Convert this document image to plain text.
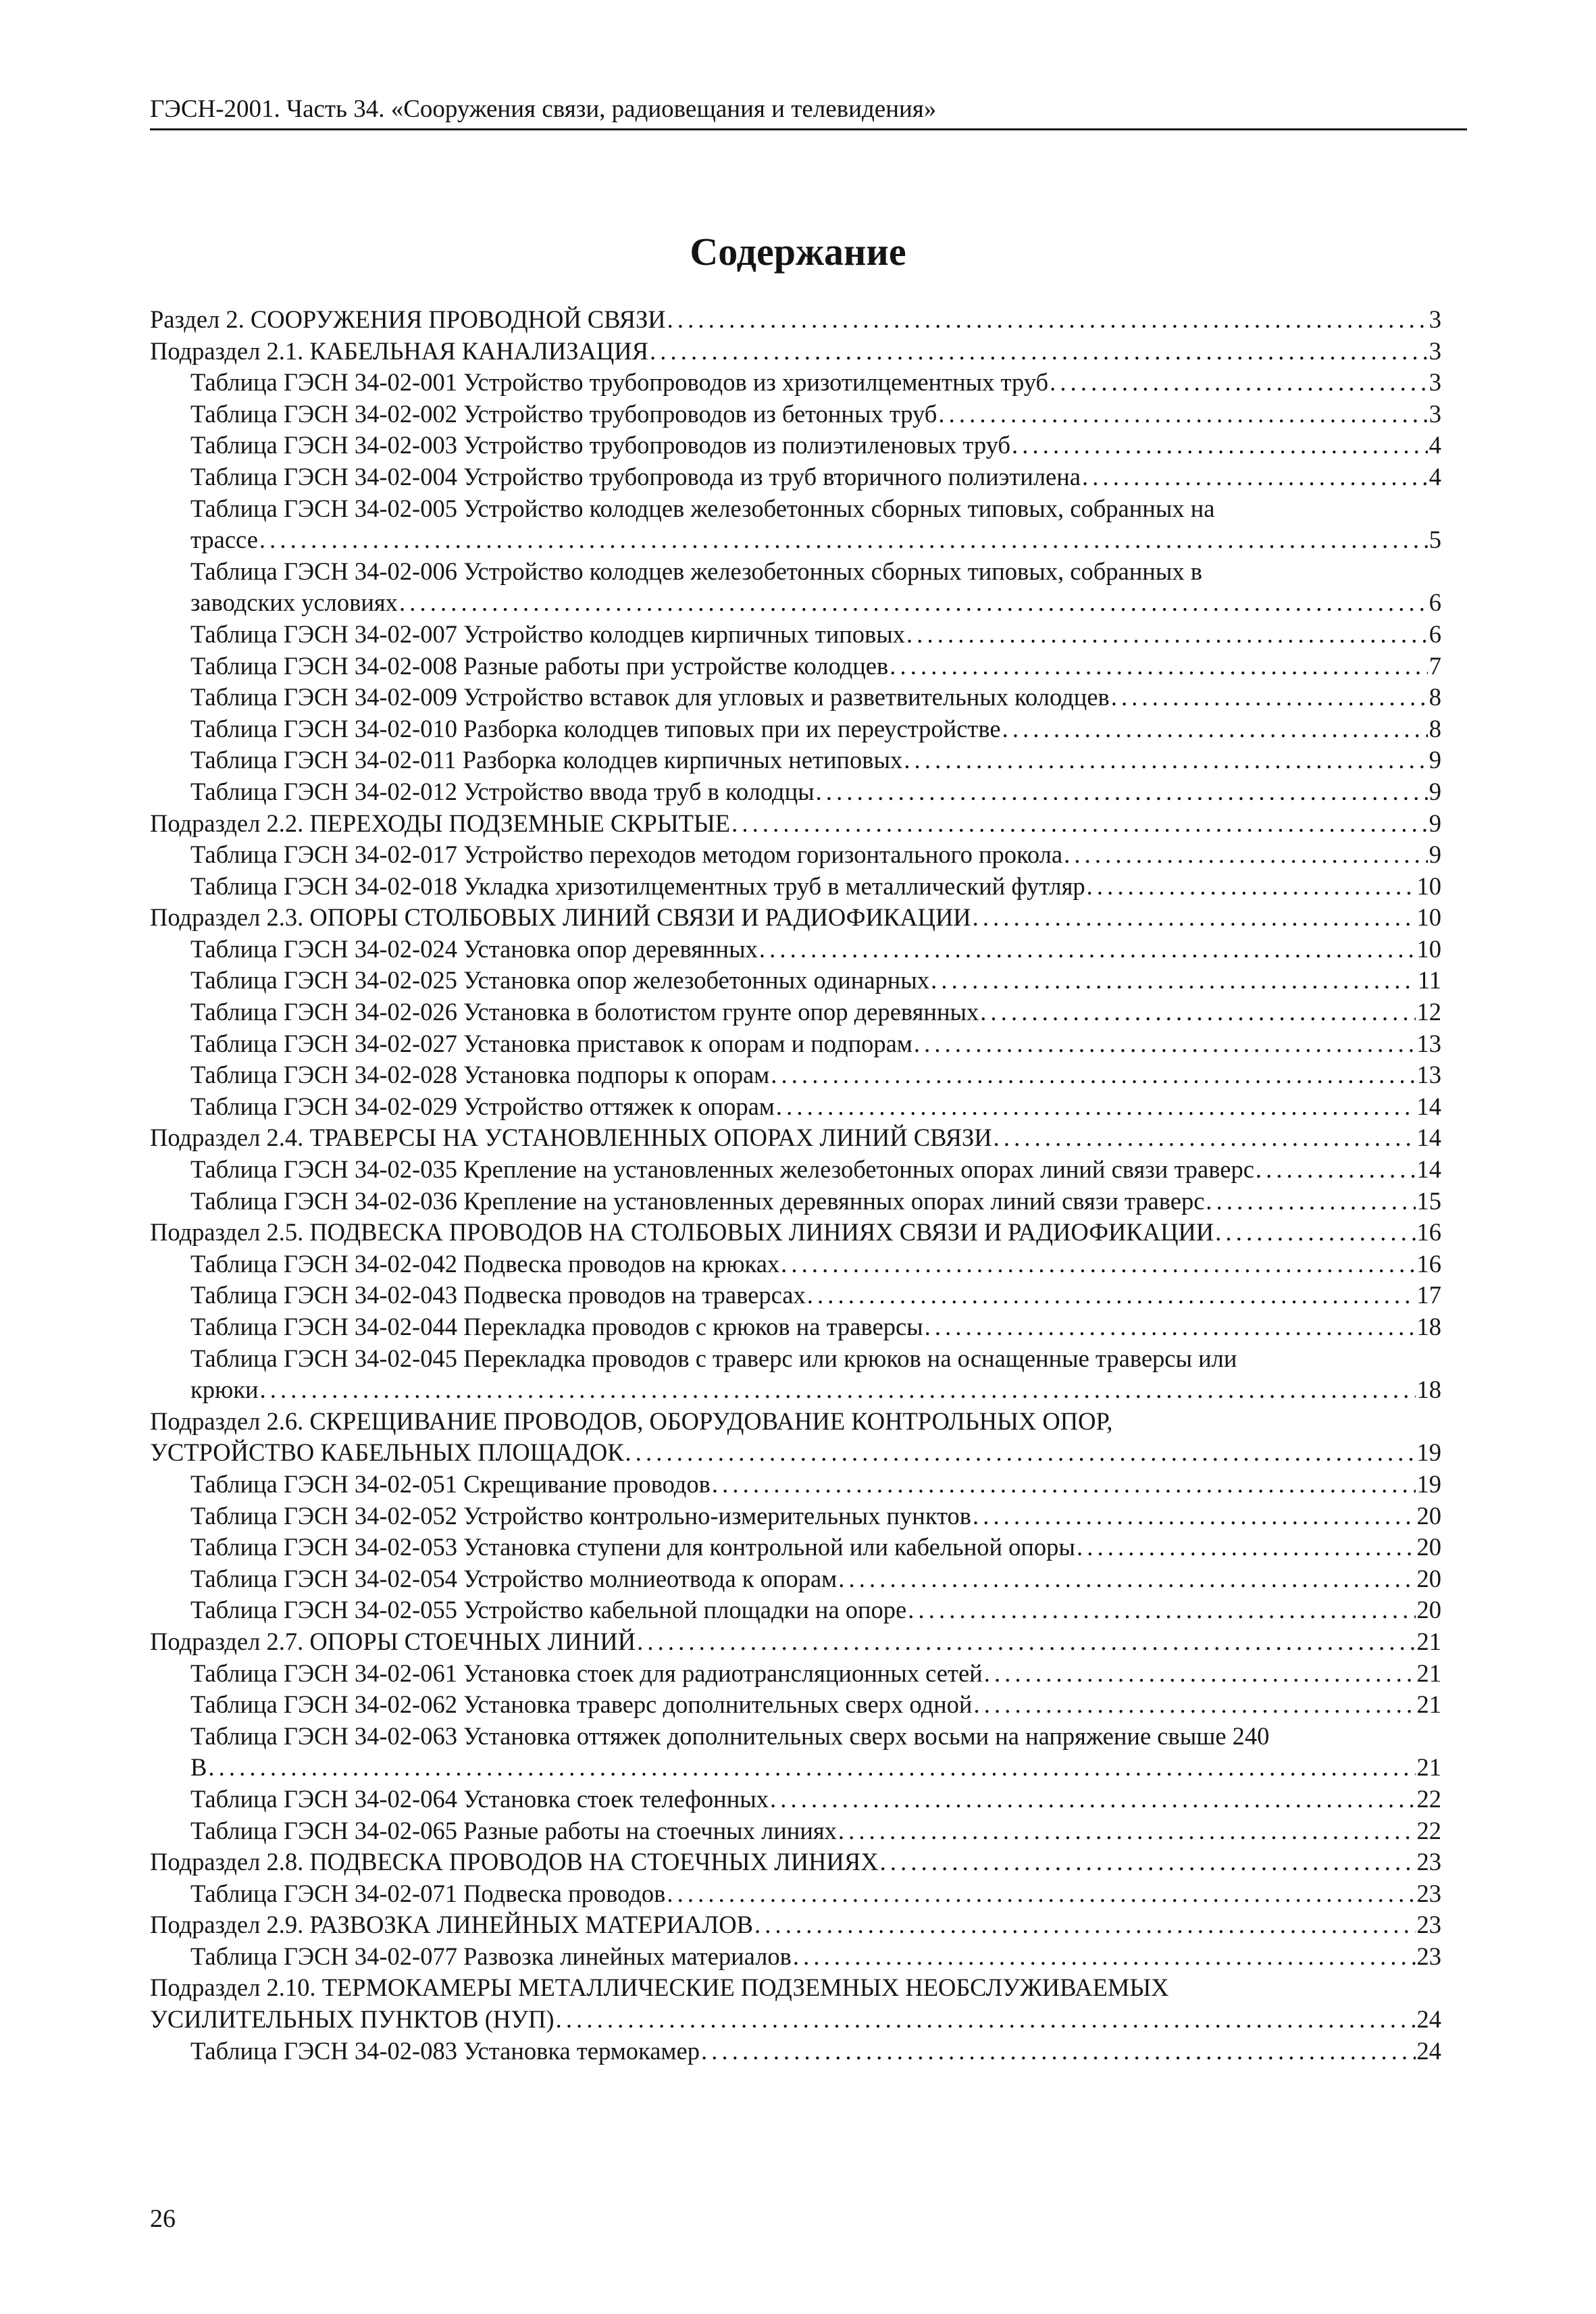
ГЭСН-2001. Часть 34. «Сооружения связи, радиовещания и телевидения»
Содержание
Раздел 2. СООРУЖЕНИЯ ПРОВОДНОЙ СВЯЗИ . . .	3
Подраздел 2.1. КАБЕЛЬНАЯ КАНАЛИЗАЦИЯ . . .	3
Таблица ГЭСН 34-02-001 Устройство трубопроводов из хризотилцементных труб . . .	3
Таблица ГЭСН 34-02-002 Устройство трубопроводов из бетонных труб . . .	3
Таблица ГЭСН 34-02-003 Устройство трубопроводов из полиэтиленовых труб . . .	4
Таблица ГЭСН 34-02-004 Устройство трубопровода из труб вторичного полиэтилена . . .	4
Таблица ГЭСН 34-02-005 Устройство колодцев железобетонных сборных типовых, собранных на
трассе . . .	5
Таблица ГЭСН 34-02-006 Устройство колодцев железобетонных сборных типовых, собранных в
заводских условиях . . .	6
Таблица ГЭСН 34-02-007 Устройство колодцев кирпичных типовых . . .	6
Таблица ГЭСН 34-02-008 Разные работы при устройстве колодцев . . .	7
Таблица ГЭСН 34-02-009 Устройство вставок для угловых и разветвительных колодцев . . .	8
Таблица ГЭСН 34-02-010 Разборка колодцев типовых при их переустройстве . . .	8
Таблица ГЭСН 34-02-011 Разборка колодцев кирпичных нетиповых . . .	9
Таблица ГЭСН 34-02-012 Устройство ввода труб в колодцы . . .	9
Подраздел 2.2. ПЕРЕХОДЫ ПОДЗЕМНЫЕ СКРЫТЫЕ . . .	9
Таблица ГЭСН 34-02-017 Устройство переходов методом горизонтального прокола . . .	9
Таблица ГЭСН 34-02-018 Укладка хризотилцементных труб в металлический футляр . . .	10
Подраздел 2.3. ОПОРЫ СТОЛБОВЫХ ЛИНИЙ СВЯЗИ И РАДИОФИКАЦИИ . . .	10
Таблица ГЭСН 34-02-024 Установка опор деревянных . . .	10
Таблица ГЭСН 34-02-025 Установка опор железобетонных одинарных . . .	11
Таблица ГЭСН 34-02-026 Установка в болотистом грунте опор деревянных . . .	12
Таблица ГЭСН 34-02-027 Установка приставок к опорам и подпорам . . .	13
Таблица ГЭСН 34-02-028 Установка подпоры к опорам . . .	13
Таблица ГЭСН 34-02-029 Устройство оттяжек к опорам . . .	14
Подраздел 2.4. ТРАВЕРСЫ НА УСТАНОВЛЕННЫХ ОПОРАХ ЛИНИЙ СВЯЗИ . . .	14
Таблица ГЭСН 34-02-035 Крепление на установленных железобетонных опорах линий связи траверс . . .	14
Таблица ГЭСН 34-02-036 Крепление на установленных деревянных опорах линий связи траверс . . .	15
Подраздел 2.5. ПОДВЕСКА ПРОВОДОВ НА СТОЛБОВЫХ ЛИНИЯХ СВЯЗИ И РАДИОФИКАЦИИ . . .	16
Таблица ГЭСН 34-02-042 Подвеска проводов на крюках . . .	16
Таблица ГЭСН 34-02-043 Подвеска проводов на траверсах . . .	17
Таблица ГЭСН 34-02-044 Перекладка проводов с крюков на траверсы . . .	18
Таблица ГЭСН 34-02-045 Перекладка проводов с траверс или крюков на оснащенные траверсы или
крюки . . .	18
Подраздел 2.6. СКРЕЩИВАНИЕ ПРОВОДОВ, ОБОРУДОВАНИЕ КОНТРОЛЬНЫХ ОПОР,
УСТРОЙСТВО КАБЕЛЬНЫХ ПЛОЩАДОК . . .	19
Таблица ГЭСН 34-02-051 Скрещивание проводов . . .	19
Таблица ГЭСН 34-02-052 Устройство контрольно-измерительных пунктов . . .	20
Таблица ГЭСН 34-02-053 Установка ступени для контрольной или кабельной опоры . . .	20
Таблица ГЭСН 34-02-054 Устройство молниеотвода к опорам . . .	20
Таблица ГЭСН 34-02-055 Устройство кабельной площадки на опоре . . .	20
Подраздел 2.7. ОПОРЫ СТОЕЧНЫХ ЛИНИЙ . . .	21
Таблица ГЭСН 34-02-061 Установка стоек для радиотрансляционных сетей . . .	21
Таблица ГЭСН 34-02-062 Установка траверс дополнительных сверх одной . . .	21
Таблица ГЭСН 34-02-063 Установка оттяжек дополнительных сверх восьми на напряжение свыше 240
В . . .	21
Таблица ГЭСН 34-02-064 Установка стоек телефонных . . .	22
Таблица ГЭСН 34-02-065 Разные работы на стоечных линиях . . .	22
Подраздел 2.8. ПОДВЕСКА ПРОВОДОВ НА СТОЕЧНЫХ ЛИНИЯХ . . .	23
Таблица ГЭСН 34-02-071 Подвеска проводов . . .	23
Подраздел 2.9. РАЗВОЗКА ЛИНЕЙНЫХ МАТЕРИАЛОВ . . .	23
Таблица ГЭСН 34-02-077 Развозка линейных материалов . . .	23
Подраздел 2.10. ТЕРМОКАМЕРЫ МЕТАЛЛИЧЕСКИЕ ПОДЗЕМНЫХ НЕОБСЛУЖИВАЕМЫХ
УСИЛИТЕЛЬНЫХ ПУНКТОВ (НУП) . . .	24
Таблица ГЭСН 34-02-083 Установка термокамер . . .	24
26
